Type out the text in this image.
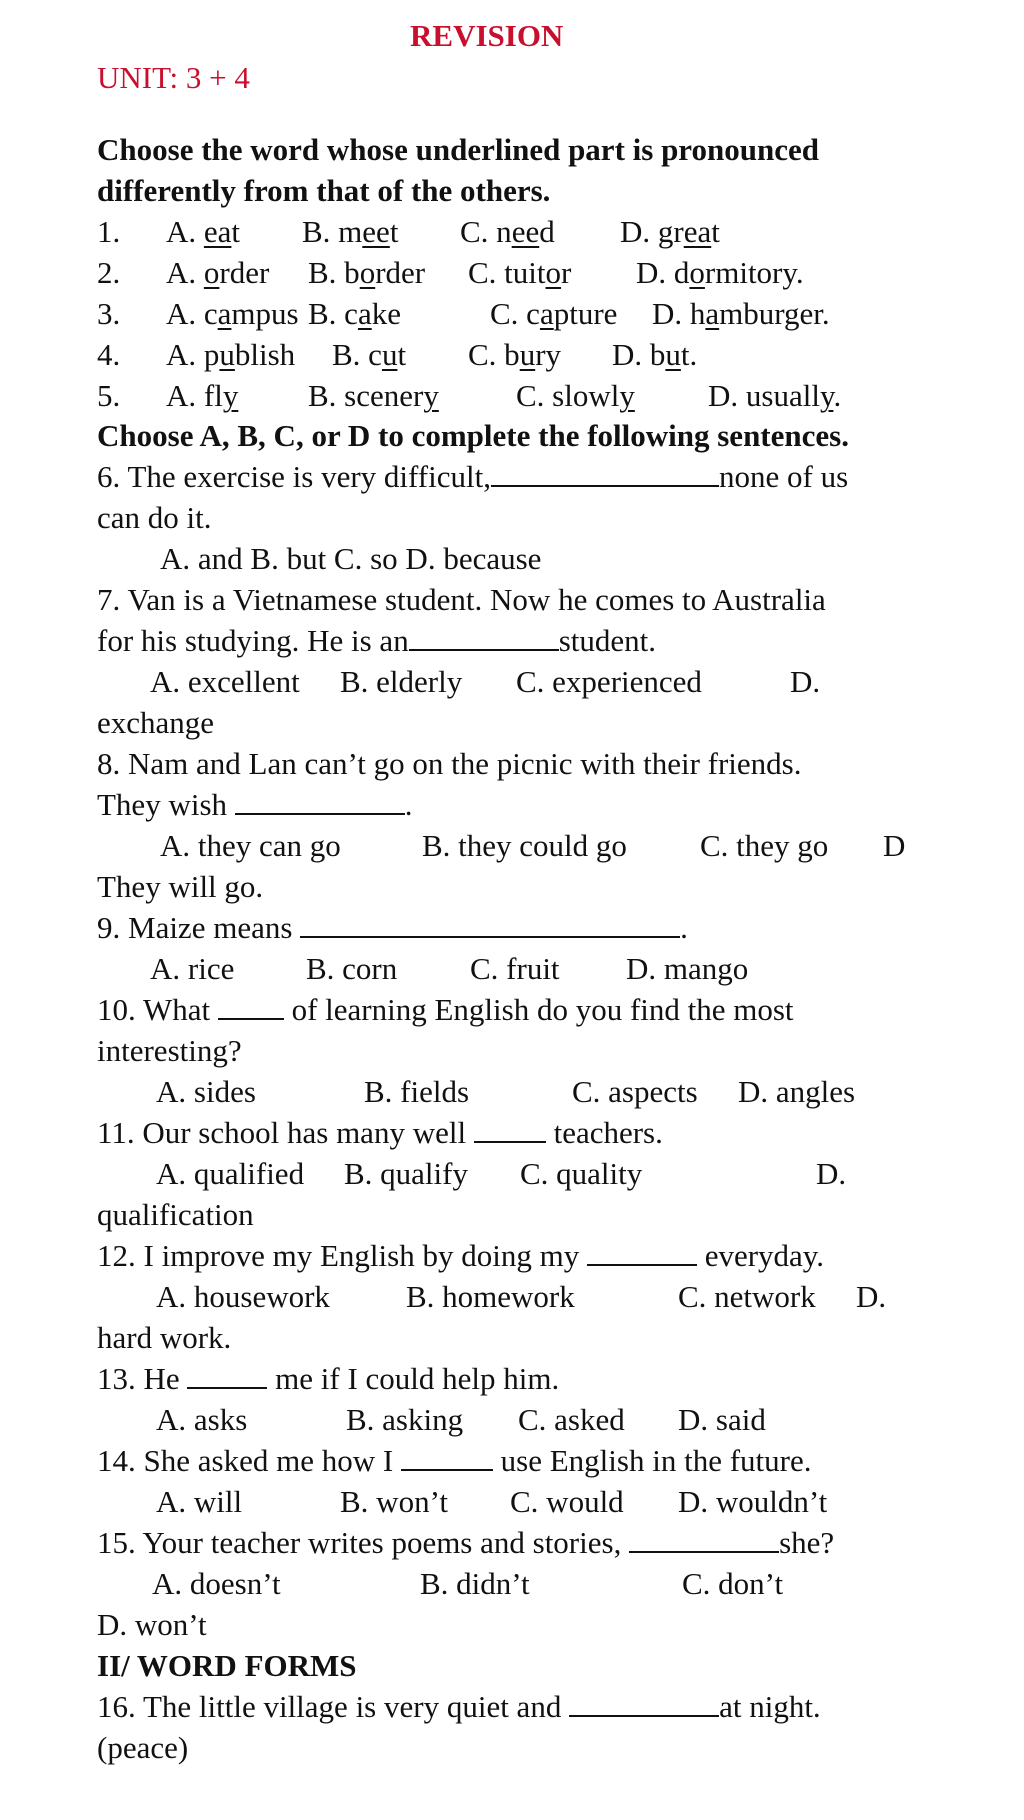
REVISION
UNIT: 3 + 4
Choose the word whose underlined part is pronounced
differently from that of the others.
1. A. eat B. meet C. need D. great
2. A. order B. border C. tuitor D. dormitory.
3. A. campus B. cake	C. capture D. hamburger.
4. A. publish B. cut C. bury D. but.
5. A. fly B. scenery C. slowly D. usually.
Choose A, B, C, or D to complete the following sentences.
6. The exercise is very difficult,	none of us
can do it.
A. and B. but C. so D. because
7. Van is a Vietnamese student. Now he comes to Australia
for his studying. He is an	student.
A. excellent B. elderly C. experienced	D.
exchange
8. Nam and Lan can’t go on the picnic with their friends.
They wish	.
A. they can go	B. they could go C. they go D
They will go.
9. Maize means	.
A. rice B. corn C. fruit D. mango
10. What	of learning English do you find the most
interesting?
A. sides	B. fields	C. aspects D. angles
11. Our school has many well	teachers.
A. qualified B. qualify C. quality	D.
qualification
12. I improve my English by doing my	everyday.
A. housework B. homework	C. network D.
hard work.
13. He	me if I could help him.
A. asks	B. asking C. asked D. said
14. She asked me how I	use English in the future.
A. will	B. won’t C. would D. wouldn’t
15. Your teacher writes poems and stories,	she?
A. doesn’t	B. didn’t	C. don’t
D. won’t
II/ WORD FORMS
16. The little village is very quiet and	at night.
(peace)
